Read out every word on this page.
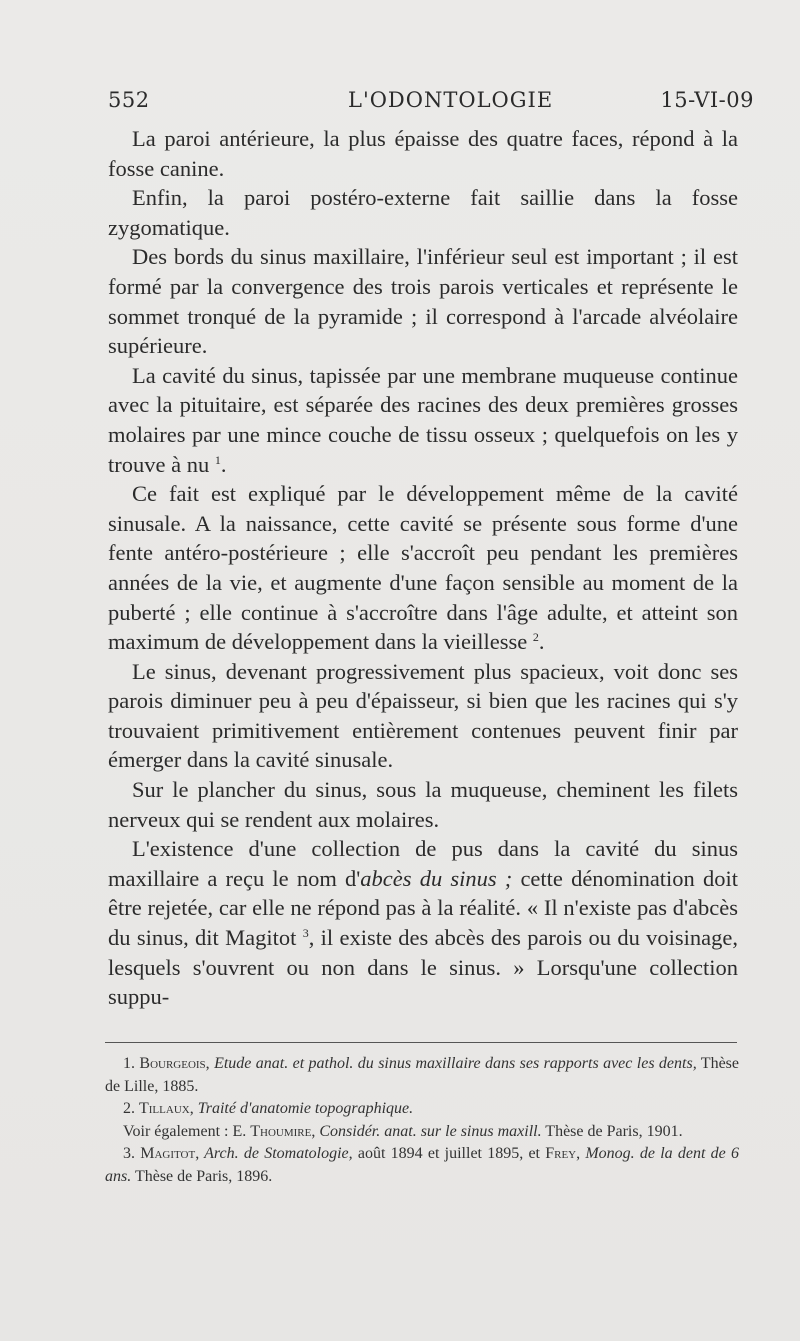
552	L'ODONTOLOGIE	15-VI-09

La paroi antérieure, la plus épaisse des quatre faces, répond à la fosse canine.

Enfin, la paroi postéro-externe fait saillie dans la fosse zygomatique.

Des bords du sinus maxillaire, l'inférieur seul est important ; il est formé par la convergence des trois parois verticales et représente le sommet tronqué de la pyramide ; il correspond à l'arcade alvéolaire supérieure.

La cavité du sinus, tapissée par une membrane muqueuse continue avec la pituitaire, est séparée des racines des deux premières grosses molaires par une mince couche de tissu osseux ; quelquefois on les y trouve à nu $^1$.

Ce fait est expliqué par le développement même de la cavité sinusale. A la naissance, cette cavité se présente sous forme d'une fente antéro-postérieure ; elle s'accroît peu pendant les premières années de la vie, et augmente d'une façon sensible au moment de la puberté ; elle continue à s'accroître dans l'âge adulte, et atteint son maximum de développement dans la vieillesse $^2$.

Le sinus, devenant progressivement plus spacieux, voit donc ses parois diminuer peu à peu d'épaisseur, si bien que les racines qui s'y trouvaient primitivement entièrement contenues peuvent finir par émerger dans la cavité sinusale.

Sur le plancher du sinus, sous la muqueuse, cheminent les filets nerveux qui se rendent aux molaires.

L'existence d'une collection de pus dans la cavité du sinus maxillaire a reçu le nom d'abcès du sinus ; cette dénomination doit être rejetée, car elle ne répond pas à la réalité. « Il n'existe pas d'abcès du sinus, dit Magitot $^3$, il existe des abcès des parois ou du voisinage, lesquels s'ouvrent ou non dans le sinus. » Lorsqu'une collection suppu-

1. Bourgeois, Etude anat. et pathol. du sinus maxillaire dans ses rapports avec les dents, Thèse de Lille, 1885.

2. Tillaux, Traité d'anatomie topographique.

Voir également : E. Thoumire, Considér. anat. sur le sinus maxill. Thèse de Paris, 1901.

3. Magitot, Arch. de Stomatologie, août 1894 et juillet 1895, et Frey, Monog. de la dent de 6 ans. Thèse de Paris, 1896.
